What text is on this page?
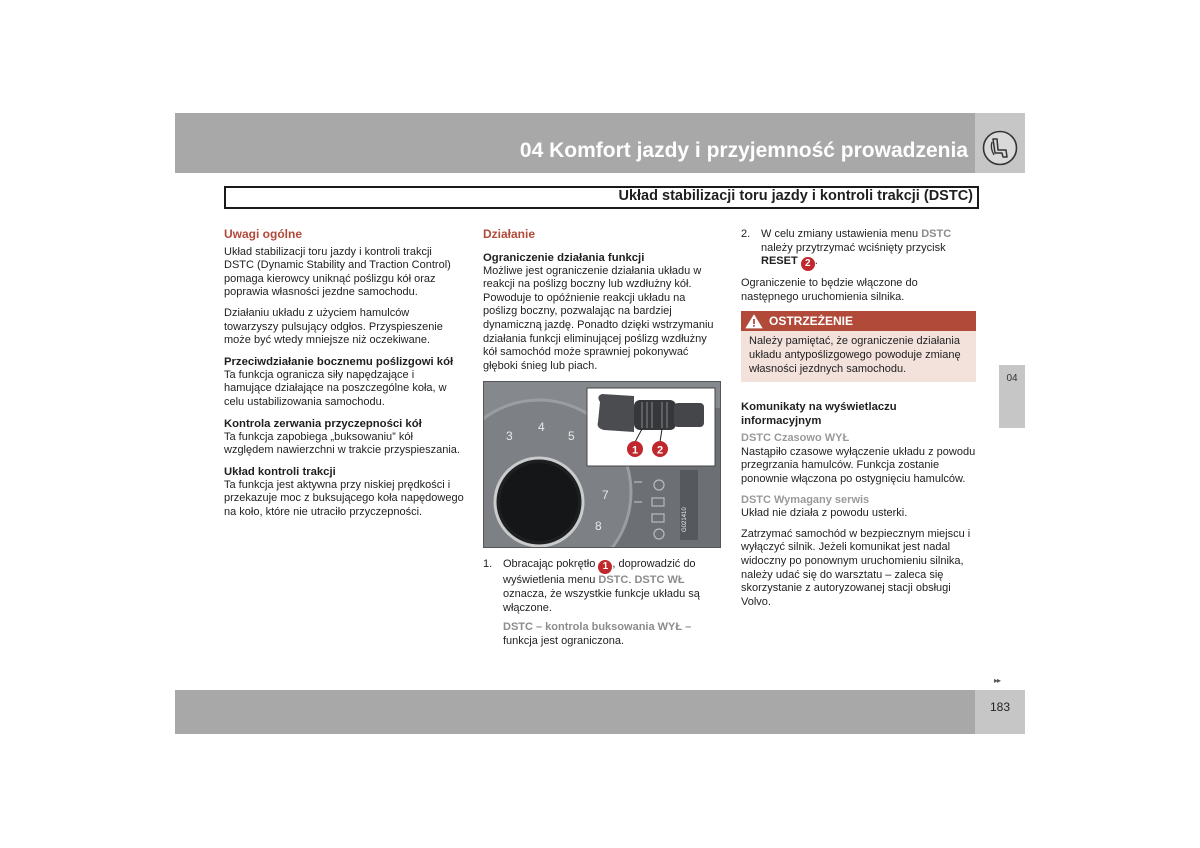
04 Komfort jazdy i przyjemność prowadzenia
Układ stabilizacji toru jazdy i kontroli trakcji (DSTC)
04
Uwagi ogólne

Układ stabilizacji toru jazdy i kontroli trakcji DSTC (Dynamic Stability and Traction Control) pomaga kierowcy uniknąć poślizgu kół oraz poprawia własności jezdne samochodu.

Działaniu układu z użyciem hamulców towarzyszy pulsujący odgłos. Przyspieszenie może być wtedy mniejsze niż oczekiwane.

Przeciwdziałanie bocznemu poślizgowi kół

Ta funkcja ogranicza siły napędzające i hamujące działające na poszczególne koła, w celu ustabilizowania samochodu.

Kontrola zerwania przyczepności kół

Ta funkcja zapobiega „buksowaniu” kół względem nawierzchni w trakcie przyspieszania.

Układ kontroli trakcji

Ta funkcja jest aktywna przy niskiej prędkości i przekazuje moc z buksującego koła napędowego na koło, które nie utraciło przyczepności.

Działanie
Ograniczenie działania funkcji

Możliwe jest ograniczenie działania układu w reakcji na poślizg boczny lub wzdłużny kół. Powoduje to opóźnienie reakcji układu na poślizg boczny, pozwalając na bardziej dynamiczną jazdę. Ponadto dzięki wstrzymaniu działania funkcji eliminującej poślizg wzdłużny kół samochód może sprawniej pokonywać głęboki śnieg lub piach.

3
4
5
7
8	G021410
1 2
1. Obracając pokrętło 1 , doprowadzić do wyświetlenia menu DSTC. DSTC WŁ oznacza, że wszystkie funkcje układu są włączone.
DSTC – kontrola buksowania WYŁ –
funkcja jest ograniczona.
2. W celu zmiany ustawienia menu DSTC należy przytrzymać wciśnięty przycisk RESET 2 .

Ograniczenie to będzie włączone do następnego uruchomienia silnika.

OSTRZEŻENIE
Należy pamiętać, że ograniczenie działania układu antypoślizgowego powoduje zmianę własności jezdnych samochodu.
Komunikaty na wyświetlaczu informacyjnym
DSTC Czasowo WYŁ

Nastąpiło czasowe wyłączenie układu z powodu przegrzania hamulców. Funkcja zostanie ponownie włączona po ostygnięciu hamulców.

DSTC Wymagany serwis

Układ nie działa z powodu usterki.

Zatrzymać samochód w bezpiecznym miejscu i wyłączyć silnik. Jeżeli komunikat jest nadal widoczny po ponownym uruchomieniu silnika, należy udać się do warsztatu – zaleca się skorzystanie z autoryzowanej stacji obsługi Volvo.

▸▸
183
